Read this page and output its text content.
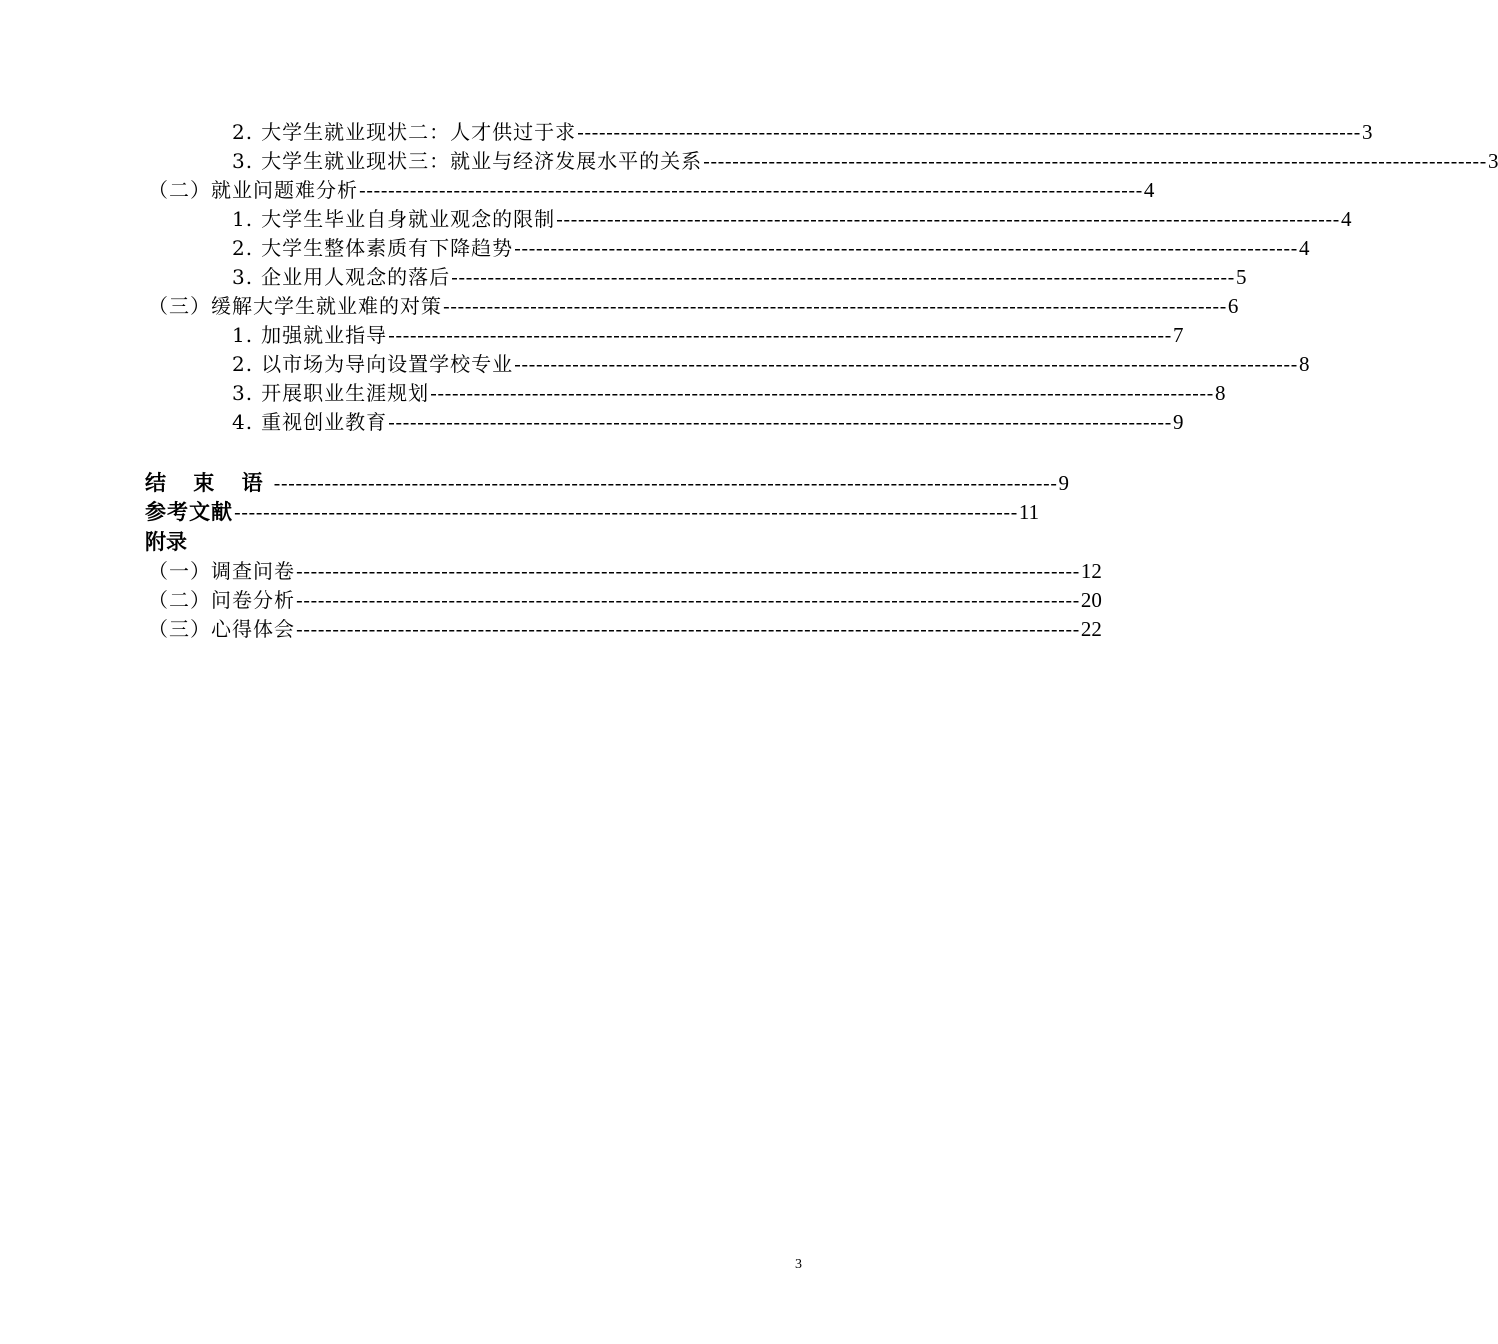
2. 大学生就业现状二：人才供过于求 ------------------------------------------------------------------------------------------------------------ 3
3. 大学生就业现状三：就业与经济发展水平的关系 ------------------------------------------------------------------------------------------------------------ 3
（二） 就业问题难分析 ------------------------------------------------------------------------------------------------------------ 4
1. 大学生毕业自身就业观念的限制 ------------------------------------------------------------------------------------------------------------ 4
2. 大学生整体素质有下降趋势 ------------------------------------------------------------------------------------------------------------ 4
3. 企业用人观念的落后 ------------------------------------------------------------------------------------------------------------ 5
（三） 缓解大学生就业难的对策 ------------------------------------------------------------------------------------------------------------ 6
1. 加强就业指导 ------------------------------------------------------------------------------------------------------------ 7
2. 以市场为导向设置学校专业 ------------------------------------------------------------------------------------------------------------ 8
3. 开展职业生涯规划 ------------------------------------------------------------------------------------------------------------ 8
4. 重视创业教育 ------------------------------------------------------------------------------------------------------------ 9
结 束 语 ------------------------------------------------------------------------------------------------------------ 9
参考文献 ------------------------------------------------------------------------------------------------------------ 11
附录
（一） 调查问卷 ------------------------------------------------------------------------------------------------------------ 12
（二） 问卷分析 ------------------------------------------------------------------------------------------------------------ 20
（三） 心得体会 ------------------------------------------------------------------------------------------------------------ 22
3
